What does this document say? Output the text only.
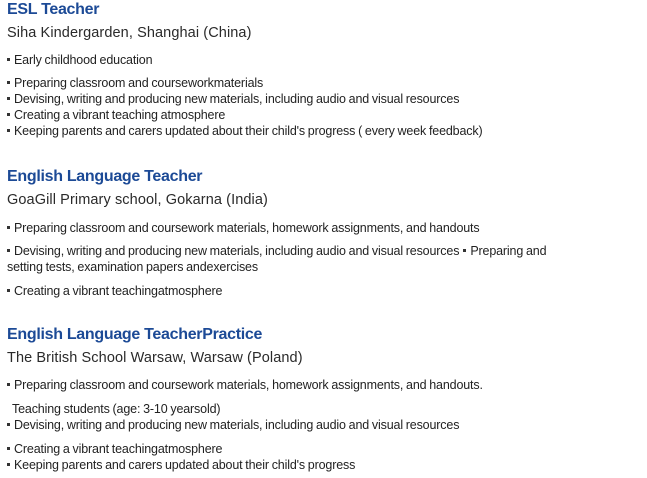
ESL Teacher
Siha Kindergarden, Shanghai (China)
Early childhood education
Preparing classroom and courseworkmaterials
Devising, writing and producing new materials, including audio and visual resources
Creating a vibrant teaching atmosphere
Keeping parents and carers updated about their child's progress ( every week feedback)
English Language Teacher
GoaGill Primary school, Gokarna (India)
Preparing classroom and coursework materials, homework assignments, and handouts
Devising, writing and producing new materials, including audio and visual resources Preparing and
setting tests, examination papers andexercises
Creating a vibrant teachingatmosphere
English Language TeacherPractice
The British School Warsaw, Warsaw (Poland)
Preparing classroom and coursework materials, homework assignments, and handouts.
Teaching students (age: 3-10 yearsold)
Devising, writing and producing new materials, including audio and visual resources
Creating a vibrant teachingatmosphere
Keeping parents and carers updated about their child's progress
